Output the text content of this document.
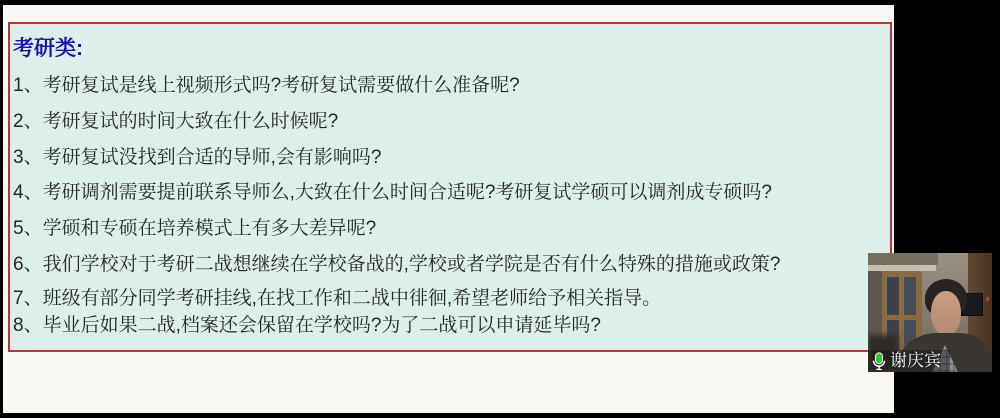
考研类:
1、考研复试是线上视频形式吗?考研复试需要做什么准备呢?
2、考研复试的时间大致在什么时候呢?
3、考研复试没找到合适的导师,会有影响吗?
4、考研调剂需要提前联系导师么,大致在什么时间合适呢?考研复试学硕可以调剂成专硕吗?
5、学硕和专硕在培养模式上有多大差异呢?
6、我们学校对于考研二战想继续在学校备战的,学校或者学院是否有什么特殊的措施或政策?
7、班级有部分同学考研挂线,在找工作和二战中徘徊,希望老师给予相关指导。
8、毕业后如果二战,档案还会保留在学校吗?为了二战可以申请延毕吗?
谢庆宾
